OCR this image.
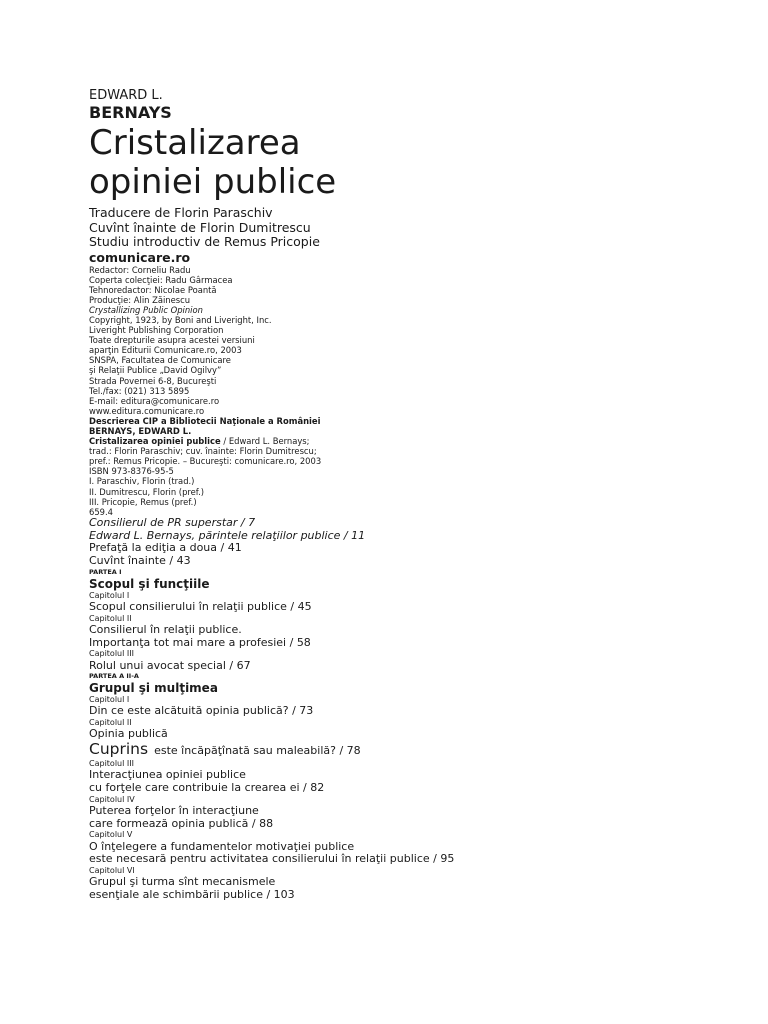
EDWARD L.
BERNAYS
Cristalizarea
opiniei publice
Traducere de Florin Paraschiv
Cuvînt înainte de Florin Dumitrescu
Studiu introductiv de Remus Pricopie
comunicare.ro
Redactor: Corneliu Radu
Coperta colecţiei: Radu Gârmacea
Tehnoredactor: Nicolae Poantă
Producţie: Alin Zăinescu
Crystallizing Public Opinion
Copyright, 1923, by Boni and Liveright, Inc.
Liveright Publishing Corporation
Toate drepturile asupra acestei versiuni
aparţin Editurii Comunicare.ro, 2003
SNSPA, Facultatea de Comunicare
şi Relaţii Publice „David Ogilvy”
Strada Povernei 6-8, Bucureşti
Tel./fax: (021) 313 5895
E-mail: editura@comunicare.ro
www.editura.comunicare.ro
Descrierea CIP a Bibliotecii Naţionale a României
BERNAYS, EDWARD L.
Cristalizarea opiniei publice / Edward L. Bernays;
trad.: Florin Paraschiv; cuv. înainte: Florin Dumitrescu;
pref.: Remus Pricopie. – Bucureşti: comunicare.ro, 2003
ISBN 973-8376-95-5
I. Paraschiv, Florin (trad.)
II. Dumitrescu, Florin (pref.)
III. Pricopie, Remus (pref.)
659.4
Consilierul de PR superstar / 7
Edward L. Bernays, părintele relaţiilor publice / 11
Prefaţă la ediţia a doua / 41
Cuvînt înainte / 43
PARTEA I
Scopul şi funcţiile
Capitolul I
Scopul consilierului în relaţii publice / 45
Capitolul II
Consilierul în relaţii publice.
Importanţa tot mai mare a profesiei / 58
Capitolul III
Rolul unui avocat special / 67
PARTEA A II-A
Grupul şi mulţimea
Capitolul I
Din ce este alcătuită opinia publică? / 73
Capitolul II
Opinia publică
Cuprins este încăpăţînată sau maleabilă? / 78
Capitolul III
Interacţiunea opiniei publice
cu forţele care contribuie la crearea ei / 82
Capitolul IV
Puterea forţelor în interacţiune
care formează opinia publică / 88
Capitolul V
O înţelegere a fundamentelor motivaţiei publice
este necesară pentru activitatea consilierului în relaţii publice / 95
Capitolul VI
Grupul şi turma sînt mecanismele
esenţiale ale schimbării publice / 103
